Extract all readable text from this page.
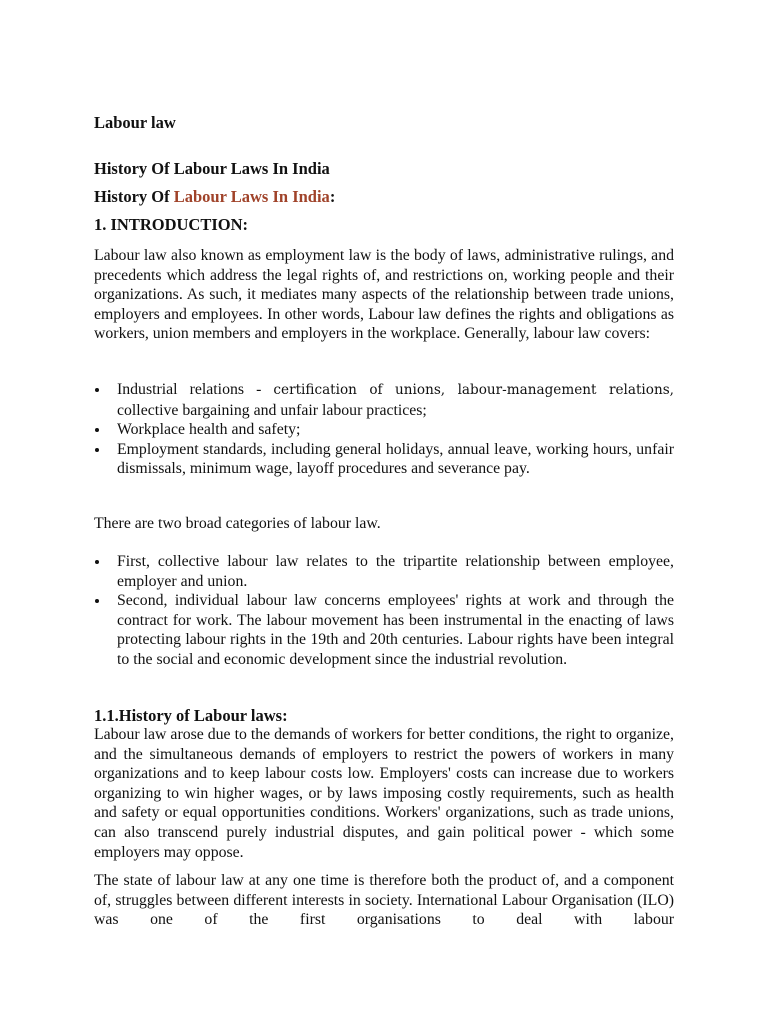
Labour law
History Of Labour Laws In India
History Of Labour Laws In India:
1. INTRODUCTION:

Labour law also known as employment law is the body of laws, administrative rulings, and precedents which address the legal rights of, and restrictions on, working people and their organizations. As such, it mediates many aspects of the relationship between trade unions, employers and employees. In other words, Labour law defines the rights and obligations as workers, union members and employers in the workplace. Generally, labour law covers:

Industrial relations - certification of unions, labour-management relations, collective bargaining and unfair labour practices;
Workplace health and safety;
Employment standards, including general holidays, annual leave, working hours, unfair dismissals, minimum wage, layoff procedures and severance pay.

There are two broad categories of labour law.

First, collective labour law relates to the tripartite relationship between employee, employer and union.
Second, individual labour law concerns employees' rights at work and through the contract for work. The labour movement has been instrumental in the enacting of laws protecting labour rights in the 19th and 20th centuries. Labour rights have been integral to the social and economic development since the industrial revolution.
1.1.History of Labour laws:

Labour law arose due to the demands of workers for better conditions, the right to organize, and the simultaneous demands of employers to restrict the powers of workers in many organizations and to keep labour costs low. Employers' costs can increase due to workers organizing to win higher wages, or by laws imposing costly requirements, such as health and safety or equal opportunities conditions. Workers' organizations, such as trade unions, can also transcend purely industrial disputes, and gain political power - which some employers may oppose.

The state of labour law at any one time is therefore both the product of, and a component of, struggles between different interests in society. International Labour Organisation (ILO) was one of the first organisations to deal with labour
